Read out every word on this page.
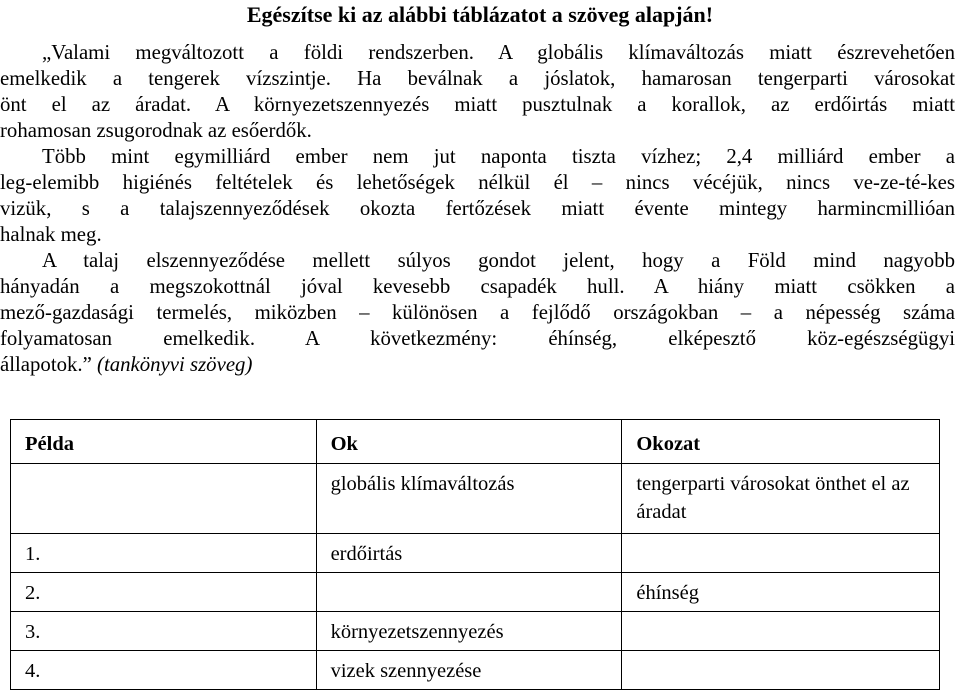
Egészítse ki az alábbi táblázatot a szöveg alapján!

„Valami megváltozott a földi rendszerben. A globális klímaváltozás miatt észrevehetően
emelkedik a tengerek vízszintje. Ha beválnak a jóslatok, hamarosan tengerparti városokat
önt el az áradat. A környezetszennyezés miatt pusztulnak a korallok, az erdőirtás miatt
rohamosan zsugorodnak az esőerdők.

Több mint egymilliárd ember nem jut naponta tiszta vízhez; 2,4 milliárd ember a
leg-elemibb higiénés feltételek és lehetőségek nélkül él – nincs vécéjük, nincs ve-ze-té-kes
vizük, s a talajszennyeződések okozta fertőzések miatt évente mintegy harmincmillióan
halnak meg.

A talaj elszennyeződése mellett súlyos gondot jelent, hogy a Föld mind nagyobb
hányadán a megszokottnál jóval kevesebb csapadék hull. A hiány miatt csökken a
mező-gazdasági termelés, miközben – különösen a fejlődő országokban – a népesség száma
folyamatosan emelkedik. A következmény: éhínség, elképesztő köz-egészségügyi
állapotok.” (tankönyvi szöveg)

Példa	Ok	Okozat
	globális klímaváltozás	tengerparti városokat önthet el az áradat
1.	erdőirtás	
2.		éhínség
3.	környezetszennyezés	
4.	vizek szennyezése	
